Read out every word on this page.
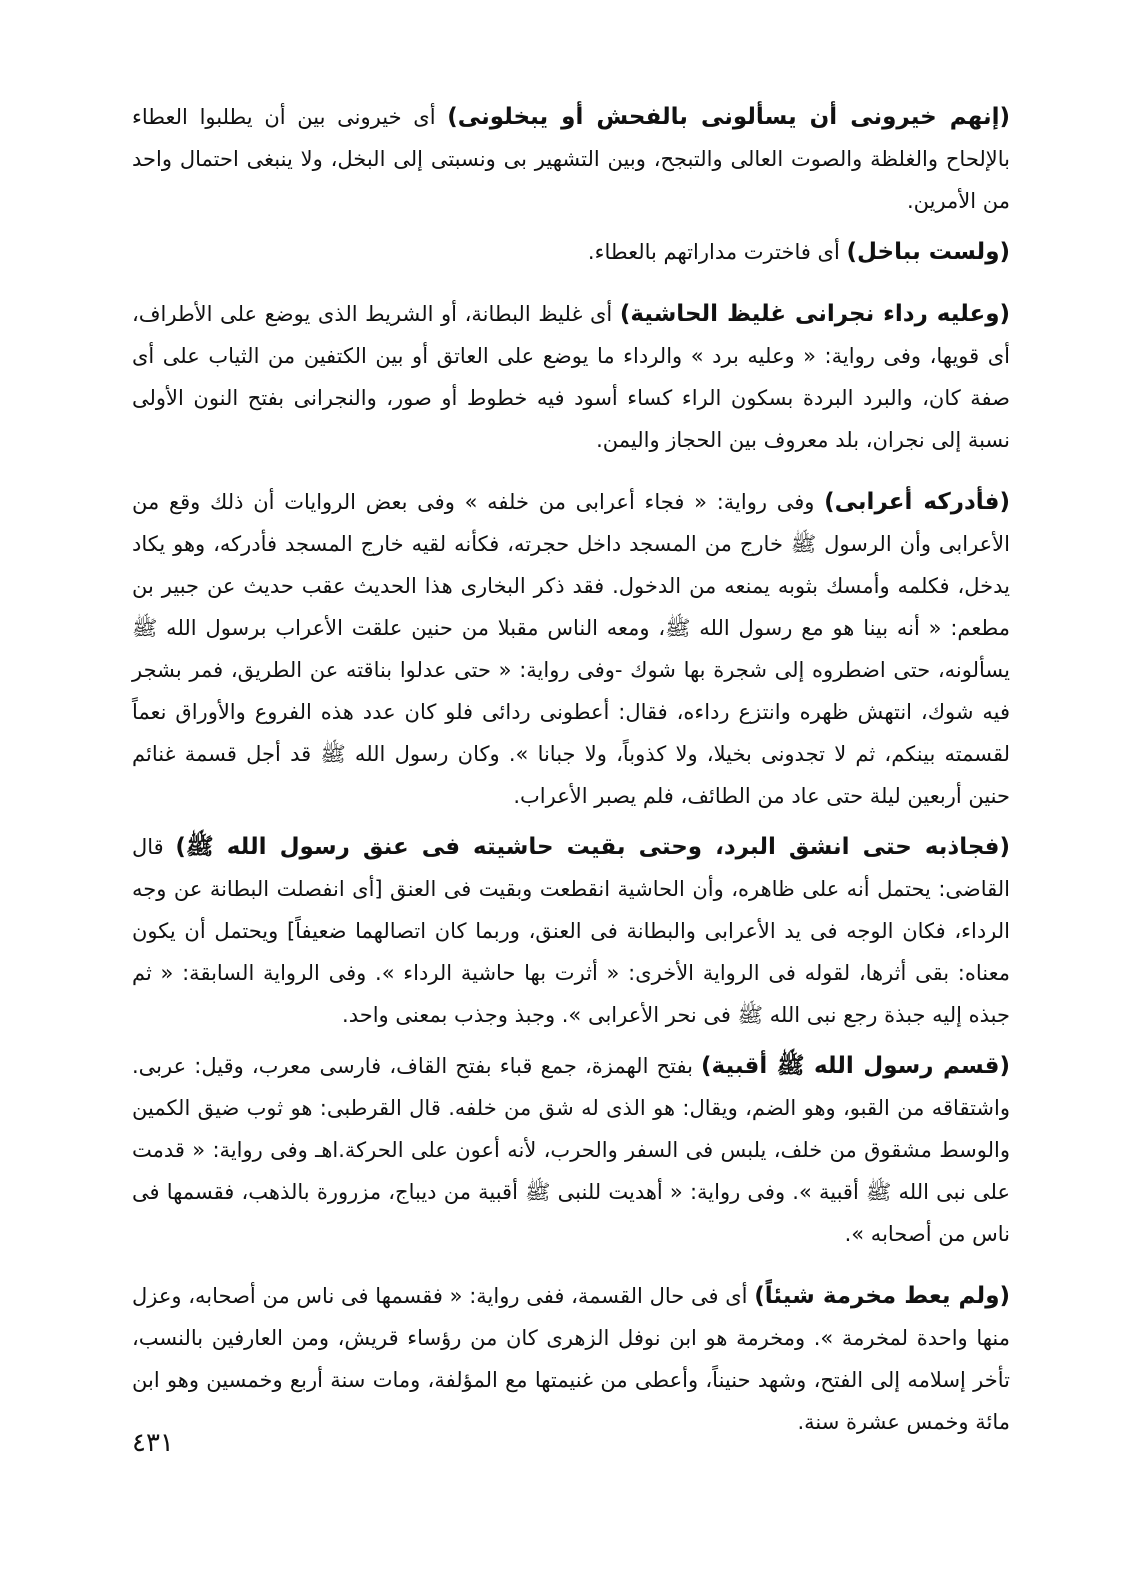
(إنهم خيرونى أن يسألونى بالفحش أو يبخلونى) أى خيرونى بين أن يطلبوا العطاء بالإلحاح والغلظة والصوت العالى والتبجح، وبين التشهير بى ونسبتى إلى البخل، ولا ينبغى احتمال واحد من الأمرين.

(ولست بباخل) أى فاخترت مداراتهم بالعطاء.

(وعليه رداء نجرانى غليظ الحاشية) أى غليظ البطانة، أو الشريط الذى يوضع على الأطراف، أى قويها، وفى رواية: « وعليه برد » والرداء ما يوضع على العاتق أو بين الكتفين من الثياب على أى صفة كان، والبرد البردة بسكون الراء كساء أسود فيه خطوط أو صور، والنجرانى بفتح النون الأولى نسبة إلى نجران، بلد معروف بين الحجاز واليمن.

(فأدركه أعرابى) وفى رواية: « فجاء أعرابى من خلفه » وفى بعض الروايات أن ذلك وقع من الأعرابى وأن الرسول ﷺ خارج من المسجد داخل حجرته، فكأنه لقيه خارج المسجد فأدركه، وهو يكاد يدخل، فكلمه وأمسك بثوبه يمنعه من الدخول. فقد ذكر البخارى هذا الحديث عقب حديث عن جبير بن مطعم: « أنه بينا هو مع رسول الله ﷺ، ومعه الناس مقبلا من حنين علقت الأعراب برسول الله ﷺ يسألونه، حتى اضطروه إلى شجرة بها شوك -وفى رواية: « حتى عدلوا بناقته عن الطريق، فمر بشجر فيه شوك، انتهش ظهره وانتزع رداءه، فقال: أعطونى ردائى فلو كان عدد هذه الفروع والأوراق نعماً لقسمته بينكم، ثم لا تجدونى بخيلا، ولا كذوباً، ولا جبانا ». وكان رسول الله ﷺ قد أجل قسمة غنائم حنين أربعين ليلة حتى عاد من الطائف، فلم يصبر الأعراب.

(فجاذبه حتى انشق البرد، وحتى بقيت حاشيته فى عنق رسول الله ﷺ) قال القاضى: يحتمل أنه على ظاهره، وأن الحاشية انقطعت وبقيت فى العنق [أى انفصلت البطانة عن وجه الرداء، فكان الوجه فى يد الأعرابى والبطانة فى العنق، وربما كان اتصالهما ضعيفاً] ويحتمل أن يكون معناه: بقى أثرها، لقوله فى الرواية الأخرى: « أثرت بها حاشية الرداء ». وفى الرواية السابقة: « ثم جبذه إليه جبذة رجع نبى الله ﷺ فى نحر الأعرابى ». وجبذ وجذب بمعنى واحد.

(قسم رسول الله ﷺ أقبية) بفتح الهمزة، جمع قباء بفتح القاف، فارسى معرب، وقيل: عربى. واشتقاقه من القبو، وهو الضم، ويقال: هو الذى له شق من خلفه. قال القرطبى: هو ثوب ضيق الكمين والوسط مشقوق من خلف، يلبس فى السفر والحرب، لأنه أعون على الحركة.اهـ وفى رواية: « قدمت على نبى الله ﷺ أقبية ». وفى رواية: « أهديت للنبى ﷺ أقبية من ديباج، مزرورة بالذهب، فقسمها فى ناس من أصحابه ».

(ولم يعط مخرمة شيئاً) أى فى حال القسمة، ففى رواية: « فقسمها فى ناس من أصحابه، وعزل منها واحدة لمخرمة ». ومخرمة هو ابن نوفل الزهرى كان من رؤساء قريش، ومن العارفين بالنسب، تأخر إسلامه إلى الفتح، وشهد حنيناً، وأعطى من غنيمتها مع المؤلفة، ومات سنة أربع وخمسين وهو ابن مائة وخمس عشرة سنة.

٤٣١
